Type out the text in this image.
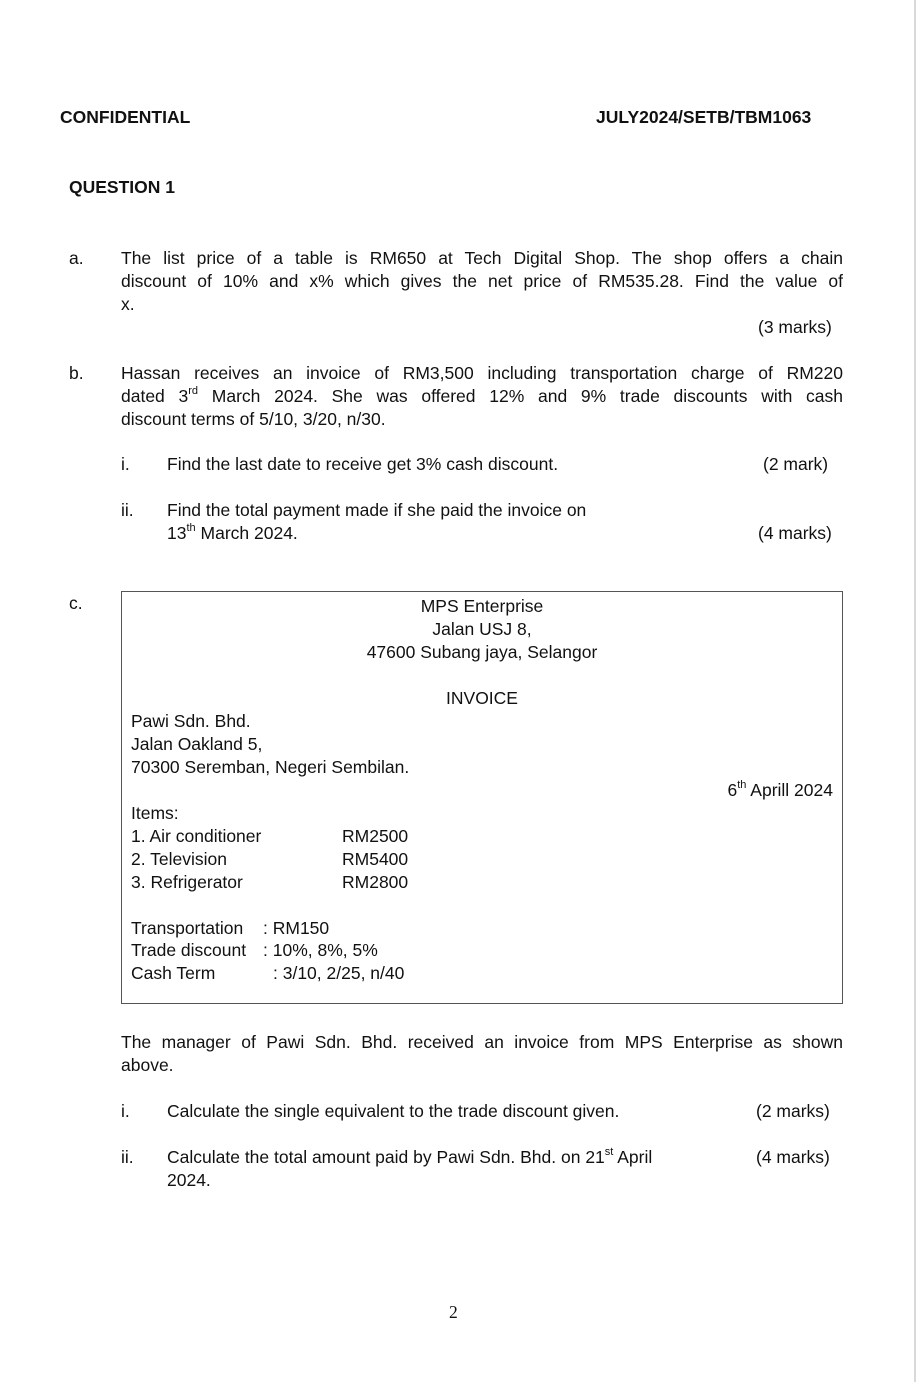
CONFIDENTIAL	JULY2024/SETB/TBM1063
QUESTION 1
a. The list price of a table is RM650 at Tech Digital Shop. The shop offers a chain
discount of 10% and x% which gives the net price of RM535.28. Find the value of
x.
(3 marks)
b. Hassan receives an invoice of RM3,500 including transportation charge of RM220
dated 3rd March 2024. She was offered 12% and 9% trade discounts with cash
discount terms of 5/10, 3/20, n/30.
i. Find the last date to receive get 3% cash discount.	(2 mark)
ii. Find the total payment made if she paid the invoice on
13th March 2024.	(4 marks)
c.	MPS Enterprise
Jalan USJ 8,
47600 Subang jaya, Selangor
INVOICE
Pawi Sdn. Bhd.
Jalan Oakland 5,
70300 Seremban, Negeri Sembilan.
6th Aprill 2024
Items:
1. Air conditioner	RM2500
2. Television	RM5400
3. Refrigerator	RM2800
Transportation : RM150
Trade discount : 10%, 8%, 5%
Cash Term	: 3/10, 2/25, n/40
The manager of Pawi Sdn. Bhd. received an invoice from MPS Enterprise as shown
above.
i. Calculate the single equivalent to the trade discount given.	(2 marks)
ii. Calculate the total amount paid by Pawi Sdn. Bhd. on 21st April
2024.
(4 marks)
2
